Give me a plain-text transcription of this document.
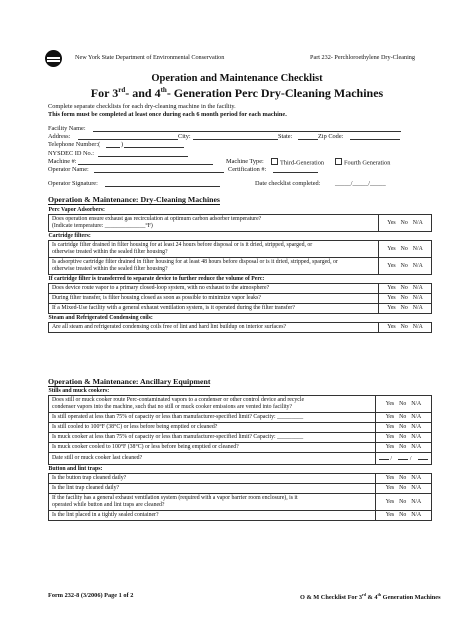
New York State Department of Environmental Conservation	Part 232- Perchloroethylene Dry-Cleaning
Operation and Maintenance Checklist
For 3rd- and 4th- Generation Perc Dry-Cleaning Machines
Complete separate checklists for each dry-cleaning machine in the facility.
This form must be completed at least once during each 6 month period for each machine.
Facility Name:
Address:	City:	State:	Zip Code:
Telephone Number:(	)
NYSDEC ID No.:
Machine #:	Machine Type:	Third-Generation	Fourth Generation
Operator Name:	Certification #:
Operator Signature:	Date checklist completed: _____/_____/_____
Operation & Maintenance: Dry-Cleaning Machines
Perc Vapor Adsorbers:	

Does operation ensure exhaust gas recirculation at optimum carbon adsorber temperature?
(Indicate temperature: ______________°F)	Yes No N/A
Cartridge filters:	

Is cartridge filter drained in filter housing for at least 24 hours before disposal or is it dried, stripped, sparged, or
otherwise treated within the sealed filter housing?	Yes No N/A

Is adsorptive cartridge filter drained in filter housing for at least 48 hours before disposal or is it dried, stripped, sparged, or
otherwise treated within the sealed filter housing?	Yes No N/A
If cartridge filter is transferred to separate device to further reduce the volume of Perc:	

Does device route vapor to a primary closed-loop system, with no exhaust to the atmosphere?	Yes No N/A

During filter transfer, is filter housing closed as soon as possible to minimize vapor leaks?	Yes No N/A

If a Mixed-Use facility with a general exhaust ventilation system, is it operated during the filter transfer?	Yes No N/A
Steam and Refrigerated Condensing coils:	

Are all steam and refrigerated condensing coils free of lint and hard lint buildup on interior surfaces?	Yes No N/A
Operation & Maintenance: Ancillary Equipment
Stills and muck cookers:	

Does still or muck cooker route Perc-contaminated vapors to a condenser or other control device and recycle
condenser vapors into the machine, such that no still or muck cooker emissions are vented into facility?	Yes No N/A

Is still operated at less than 75% of capacity or less than manufacturer-specified limit? Capacity: _________	Yes No N/A

Is still cooled to 100°F (38°C) or less before being emptied or cleaned?	Yes No N/A

Is muck cooker at less than 75% of capacity or less than manufacturer-specified limit? Capacity: _________	Yes No N/A

Is muck cooker cooled to 100°F (38°C) or less before being emptied or cleaned?	Yes No N/A

Date still or muck cooker last cleaned?	/ /
Button and lint traps:	

Is the button trap cleaned daily?	Yes No N/A

Is the lint trap cleaned daily?	Yes No N/A

If the facility has a general exhaust ventilation system (required with a vapor barrier room enclosure), is it
operated while button and lint traps are cleaned?	Yes No N/A

Is the lint placed in a tightly sealed container?	Yes No N/A
Form 232-8 (3/2006) Page 1 of 2	O & M Checklist For 3rd & 4th Generation Machines
